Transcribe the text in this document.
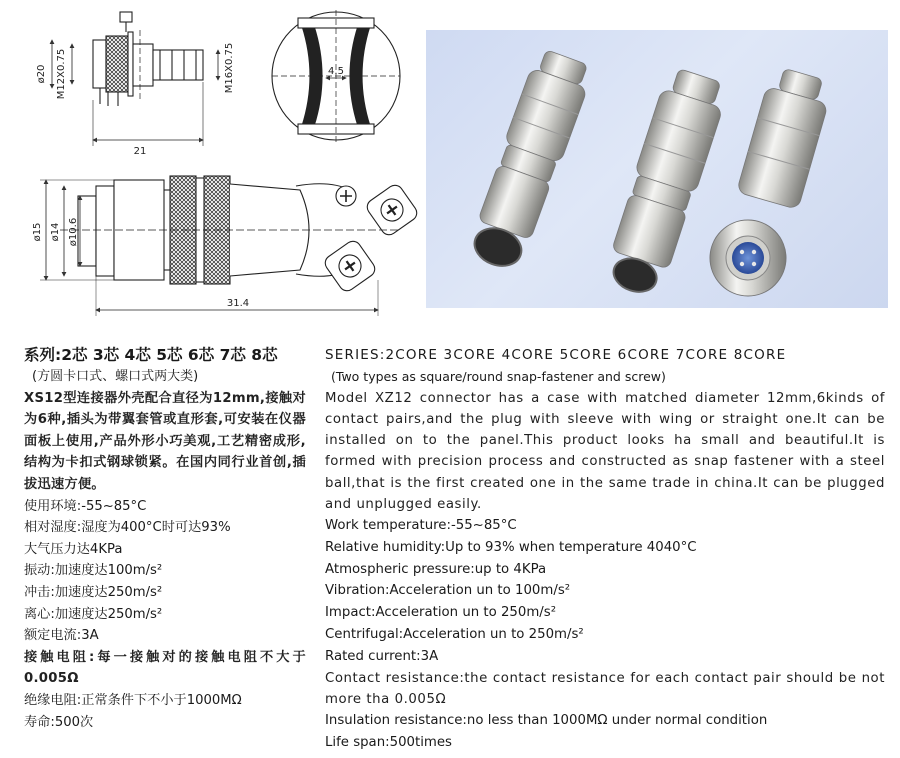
ø20 M12X0.75	M16X0.75
21
4.5
ø15 ø14 ø10.6
31.4
系列:2芯 3芯 4芯 5芯 6芯 7芯 8芯
(方圆卡口式、螺口式两大类)
XS12型连接器外壳配合直径为12mm,接触对为6种,插头为带翼套管或直形套,可安装在仪器面板上使用,产品外形小巧美观,工艺精密成形,结构为卡扣式钢球锁紧。在国内同行业首创,插拔迅速方便。
使用环境:-55~85°C
相对湿度:湿度为400°C时可达93%
大气压力达4KPa
振动:加速度达100m/s²
冲击:加速度达250m/s²
离心:加速度达250m/s²
额定电流:3A
接触电阻:每一接触对的接触电阻不大于0.005Ω
绝缘电阻:正常条件下不小于1000MΩ
寿命:500次
SERIES:2CORE 3CORE 4CORE 5CORE 6CORE 7CORE 8CORE
(Two types as square/round snap-fastener and screw)
Model XZ12 connector has a case with matched diameter 12mm,6kinds of contact pairs,and the plug with sleeve with wing or straight one.It can be installed on to the panel.This product looks ha small and beautiful.It is formed with precision process and constructed as snap fastener with a steel ball,that is the first created one in the same trade in china.It can be plugged and unplugged easily.
Work temperature:-55~85°C
Relative humidity:Up to 93% when temperature 4040°C
Atmospheric pressure:up to 4KPa
Vibration:Acceleration un to 100m/s²
Impact:Acceleration un to 250m/s²
Centrifugal:Acceleration un to 250m/s²
Rated current:3A
Contact resistance:the contact resistance for each contact pair should be not more tha 0.005Ω
Insulation resistance:no less than 1000MΩ under normal condition
Life span:500times
